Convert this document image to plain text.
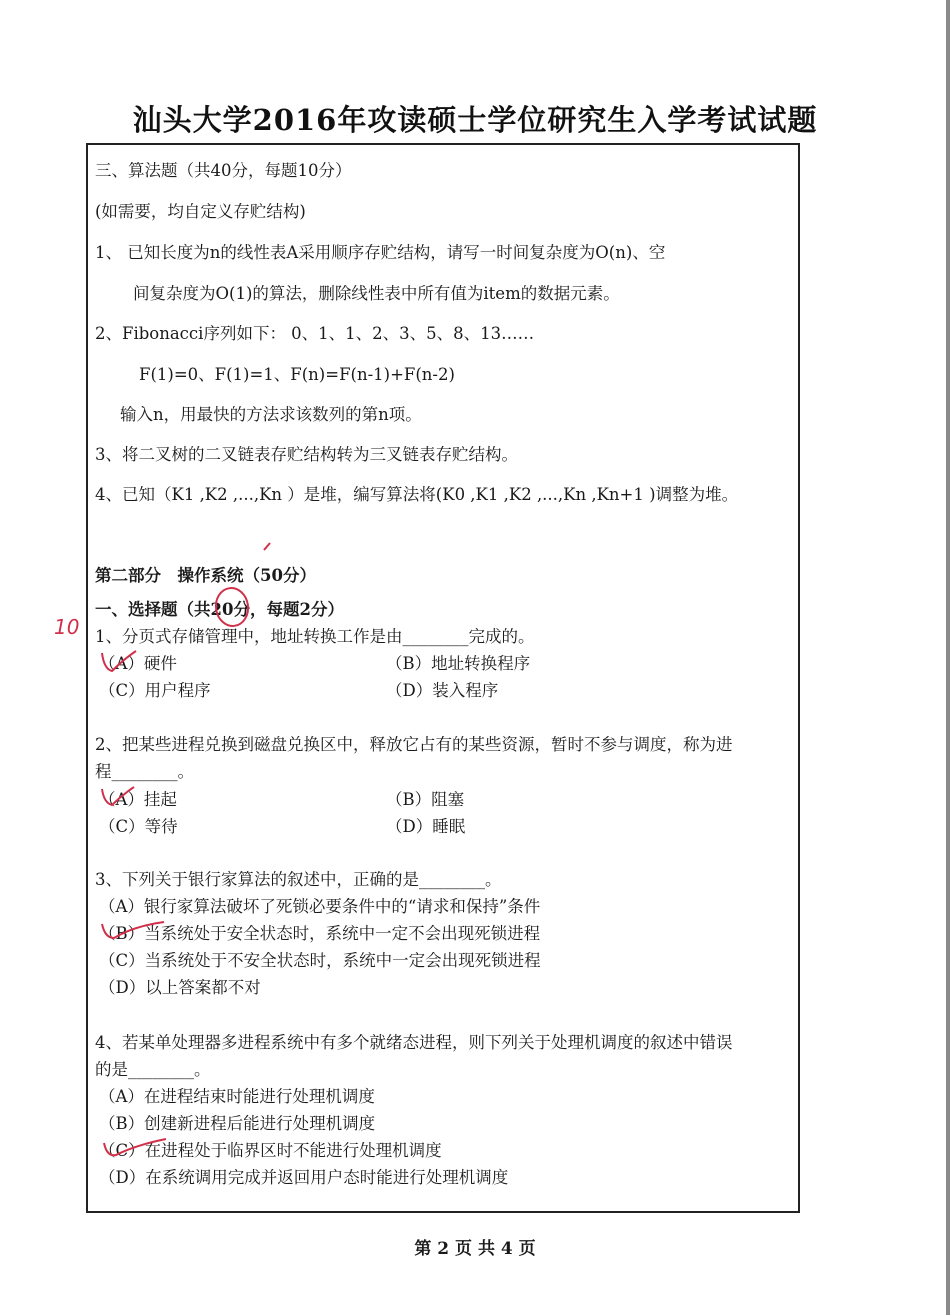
汕头大学2016年攻读硕士学位研究生入学考试试题
三、算法题（共40分，每题10分）
(如需要，均自定义存贮结构)
1、 已知长度为n的线性表A采用顺序存贮结构，请写一时间复杂度为O(n)、空
间复杂度为O(1)的算法，删除线性表中所有值为item的数据元素。
2、Fibonacci序列如下： 0、1、1、2、3、5、8、13……
F(1)=0、F(1)=1、F(n)=F(n-1)+F(n-2)
输入n，用最快的方法求该数列的第n项。
3、将二叉树的二叉链表存贮结构转为三叉链表存贮结构。
4、已知（K1 ,K2 ,...,Kn ）是堆，编写算法将(K0 ,K1 ,K2 ,...,Kn ,Kn+1 )调整为堆。
第二部分　操作系统（50分）
一、选择题（共20分，每题2分）
1、分页式存储管理中，地址转换工作是由________完成的。
（A）硬件	（B）地址转换程序
（C）用户程序	（D）装入程序
2、把某些进程兑换到磁盘兑换区中，释放它占有的某些资源，暂时不参与调度，称为进
程________。
（A）挂起	（B）阻塞
（C）等待	（D）睡眠
3、下列关于银行家算法的叙述中，正确的是________。
（A）银行家算法破坏了死锁必要条件中的“请求和保持”条件
（B）当系统处于安全状态时，系统中一定不会出现死锁进程
（C）当系统处于不安全状态时，系统中一定会出现死锁进程
（D）以上答案都不对
4、若某单处理器多进程系统中有多个就绪态进程，则下列关于处理机调度的叙述中错误
的是________。
（A）在进程结束时能进行处理机调度
（B）创建新进程后能进行处理机调度
（C）在进程处于临界区时不能进行处理机调度
（D）在系统调用完成并返回用户态时能进行处理机调度
第 2 页 共 4 页
10
